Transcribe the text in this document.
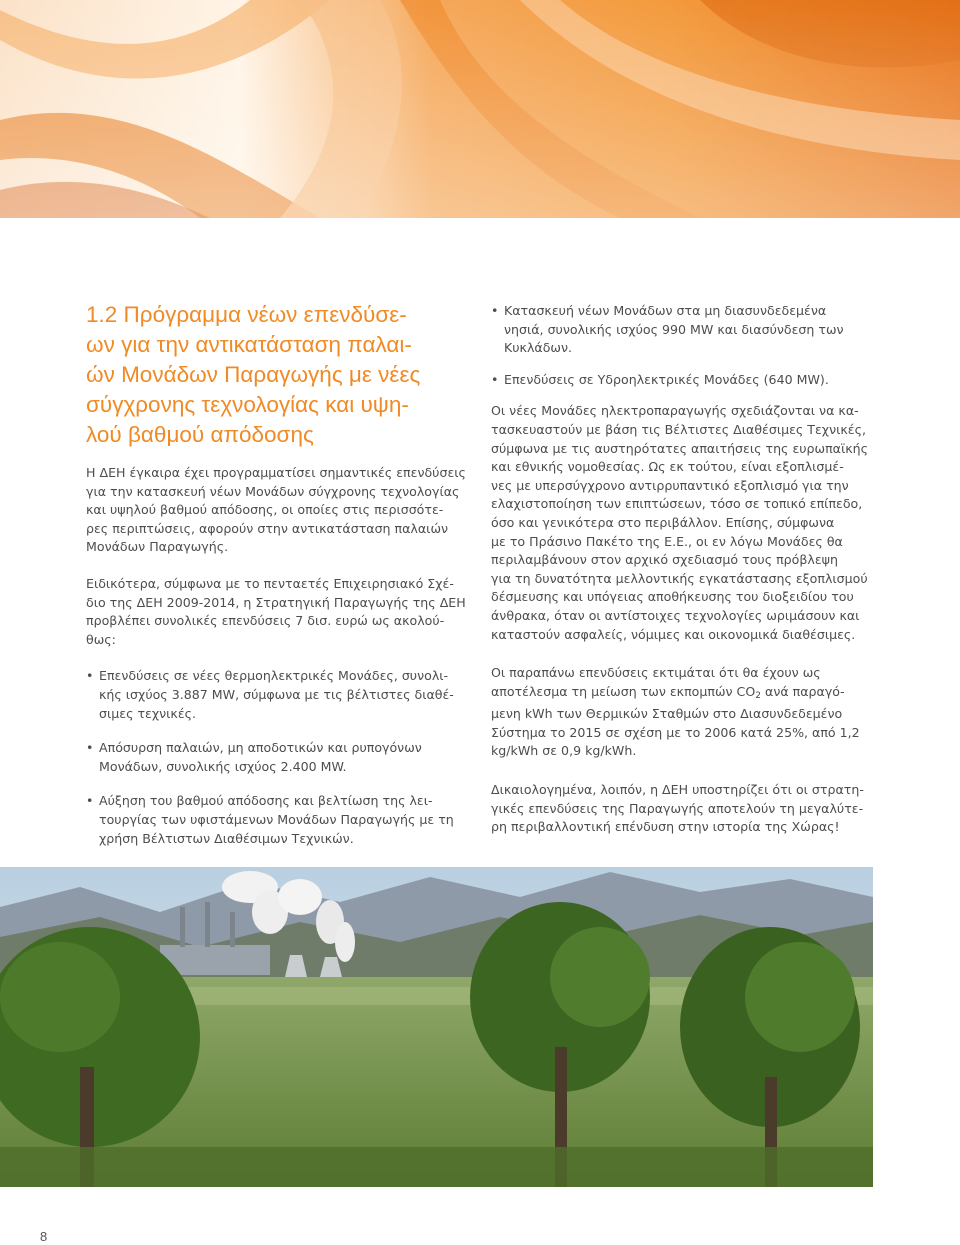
1.2 Πρόγραμμα νέων επενδύσε-
ων για την αντικατάσταση παλαι-
ών Μονάδων Παραγωγής με νέες
σύγχρονης τεχνολογίας και υψη-
λού βαθμού απόδοσης

Η ΔΕΗ έγκαιρα έχει προγραμματίσει σημαντικές επενδύσεις
για την κατασκευή νέων Μονάδων σύγχρονης τεχνολογίας
και υψηλού βαθμού απόδοσης, οι οποίες στις περισσότε-
ρες περιπτώσεις, αφορούν στην αντικατάσταση παλαιών
Μονάδων Παραγωγής.

Ειδικότερα, σύμφωνα με το πενταετές Επιχειρησιακό Σχέ-
διο της ΔΕΗ 2009-2014, η Στρατηγική Παραγωγής της ΔΕΗ
προβλέπει συνολικές επενδύσεις 7 δισ. ευρώ ως ακολού-
θως:

• Επενδύσεις σε νέες θερμοηλεκτρικές Μονάδες, συνολι-
κής ισχύος 3.887 MW, σύμφωνα με τις βέλτιστες διαθέ-
σιμες τεχνικές.
• Απόσυρση παλαιών, μη αποδοτικών και ρυπογόνων
Μονάδων, συνολικής ισχύος 2.400 MW.
• Αύξηση του βαθμού απόδοσης και βελτίωση της λει-
τουργίας των υφιστάμενων Μονάδων Παραγωγής με τη
χρήση Βέλτιστων Διαθέσιμων Τεχνικών.
• Κατασκευή νέων Μονάδων στα μη διασυνδεδεμένα
νησιά, συνολικής ισχύος 990 MW και διασύνδεση των
Κυκλάδων.
• Επενδύσεις σε Υδροηλεκτρικές Μονάδες (640 MW).

Οι νέες Μονάδες ηλεκτροπαραγωγής σχεδιάζονται να κα-
τασκευαστούν με βάση τις Βέλτιστες Διαθέσιμες Τεχνικές,
σύμφωνα με τις αυστηρότατες απαιτήσεις της ευρωπαϊκής
και εθνικής νομοθεσίας. Ως εκ τούτου, είναι εξοπλισμέ-
νες με υπερσύγχρονο αντιρρυπαντικό εξοπλισμό για την
ελαχιστοποίηση των επιπτώσεων, τόσο σε τοπικό επίπεδο,
όσο και γενικότερα στο περιβάλλον. Επίσης, σύμφωνα
με το Πράσινο Πακέτο της Ε.Ε., οι εν λόγω Μονάδες θα
περιλαμβάνουν στον αρχικό σχεδιασμό τους πρόβλεψη
για τη δυνατότητα μελλοντικής εγκατάστασης εξοπλισμού
δέσμευσης και υπόγειας αποθήκευσης του διοξειδίου του
άνθρακα, όταν οι αντίστοιχες τεχνολογίες ωριμάσουν και
καταστούν ασφαλείς, νόμιμες και οικονομικά διαθέσιμες.

Οι παραπάνω επενδύσεις εκτιμάται ότι θα έχουν ως
αποτέλεσμα τη μείωση των εκπομπών $CO_2$ ανά παραγό-
μενη kWh των Θερμικών Σταθμών στο Διασυνδεδεμένο
Σύστημα το 2015 σε σχέση με το 2006 κατά 25%, από 1,2
kg/kWh σε 0,9 kg/kWh.

Δικαιολογημένα, λοιπόν, η ΔΕΗ υποστηρίζει ότι οι στρατη-
γικές επενδύσεις της Παραγωγής αποτελούν τη μεγαλύτε-
ρη περιβαλλοντική επένδυση στην ιστορία της Χώρας!

8
